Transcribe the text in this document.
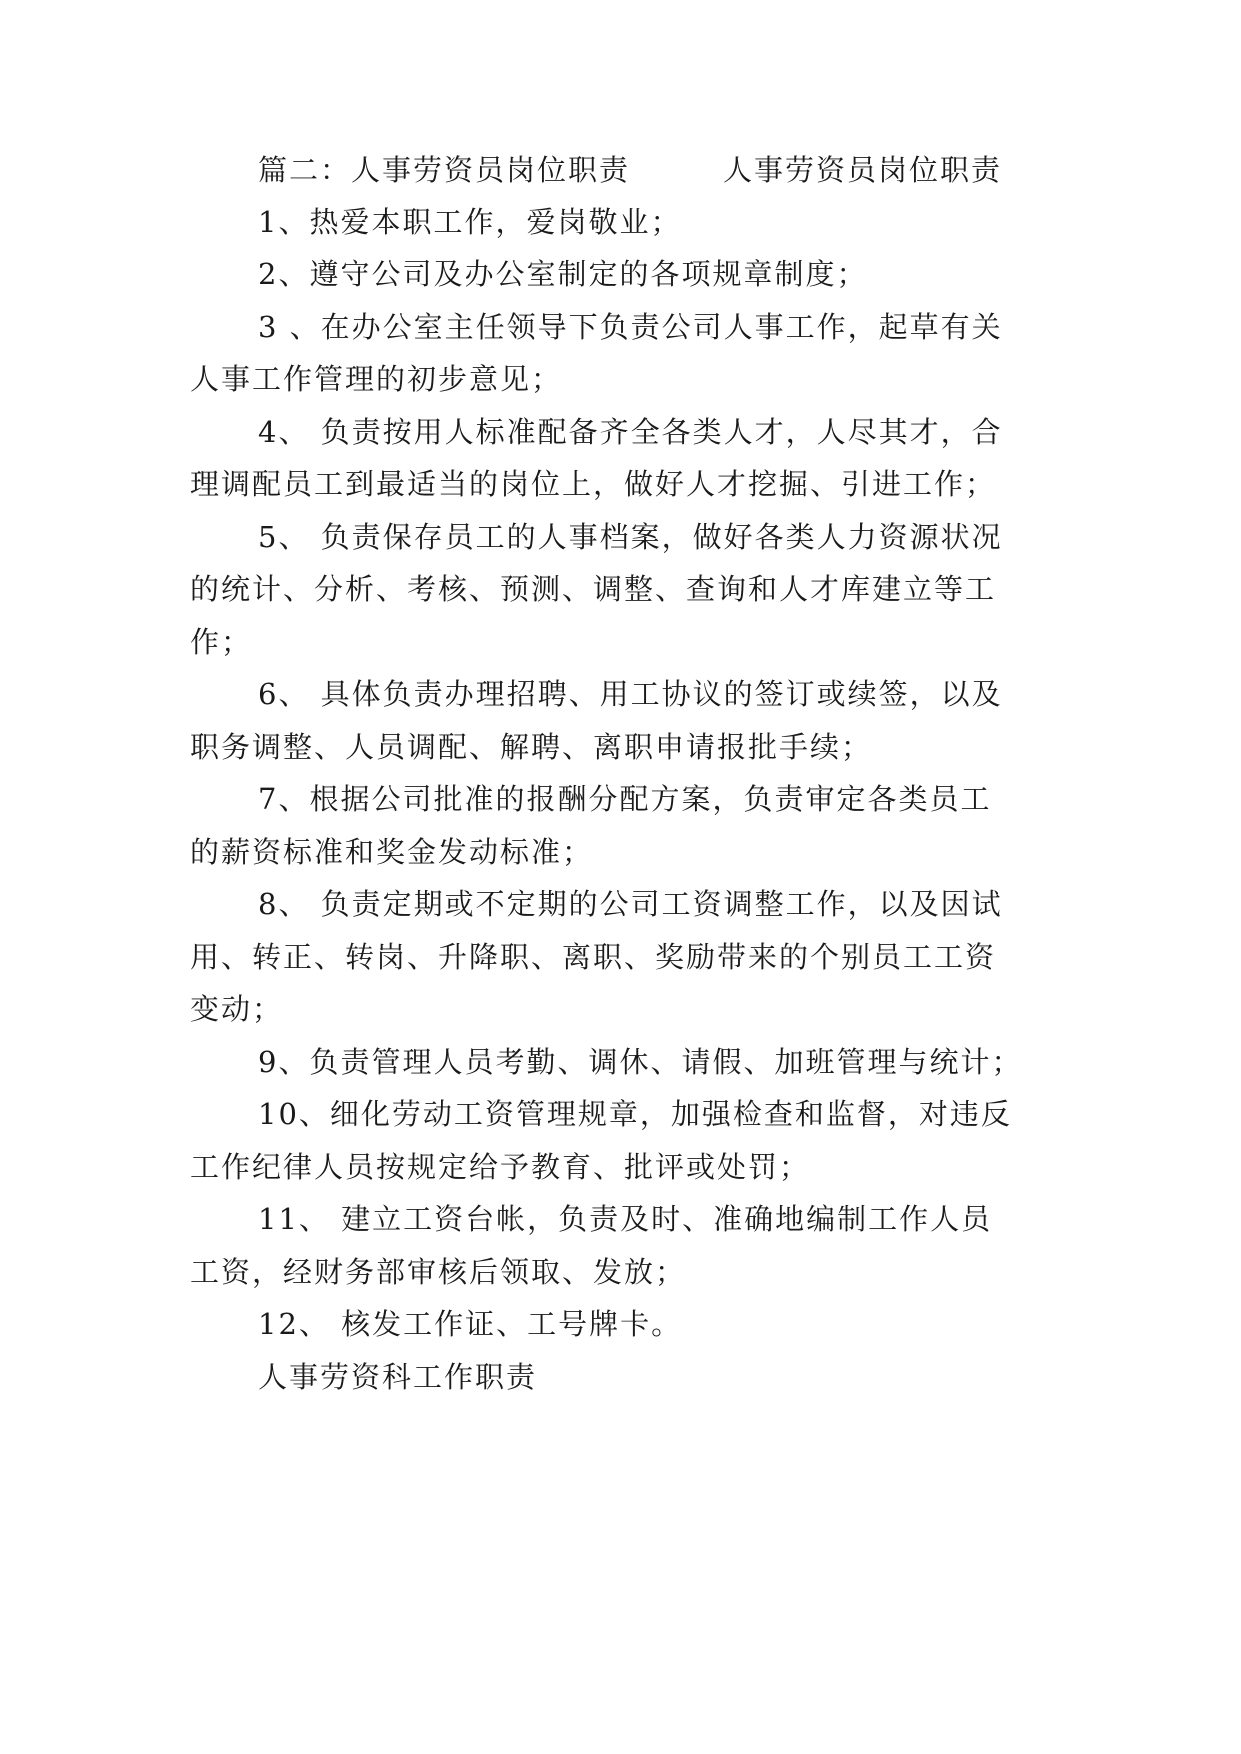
篇二：人事劳资员岗位职责　　　人事劳资员岗位职责

1、热爱本职工作，爱岗敬业；

2、遵守公司及办公室制定的各项规章制度；

3 、在办公室主任领导下负责公司人事工作，起草有关

人事工作管理的初步意见；

4、 负责按用人标准配备齐全各类人才，人尽其才，合

理调配员工到最适当的岗位上，做好人才挖掘、引进工作；

5、 负责保存员工的人事档案，做好各类人力资源状况

的统计、分析、考核、预测、调整、查询和人才库建立等工

作；

6、 具体负责办理招聘、用工协议的签订或续签，以及

职务调整、人员调配、解聘、离职申请报批手续；

7、根据公司批准的报酬分配方案，负责审定各类员工

的薪资标准和奖金发动标准；

8、 负责定期或不定期的公司工资调整工作，以及因试

用、转正、转岗、升降职、离职、奖励带来的个别员工工资

变动；

9、负责管理人员考勤、调休、请假、加班管理与统计；

10、细化劳动工资管理规章，加强检查和监督，对违反

工作纪律人员按规定给予教育、批评或处罚；

11、 建立工资台帐，负责及时、准确地编制工作人员

工资，经财务部审核后领取、发放；

12、 核发工作证、工号牌卡。

人事劳资科工作职责
